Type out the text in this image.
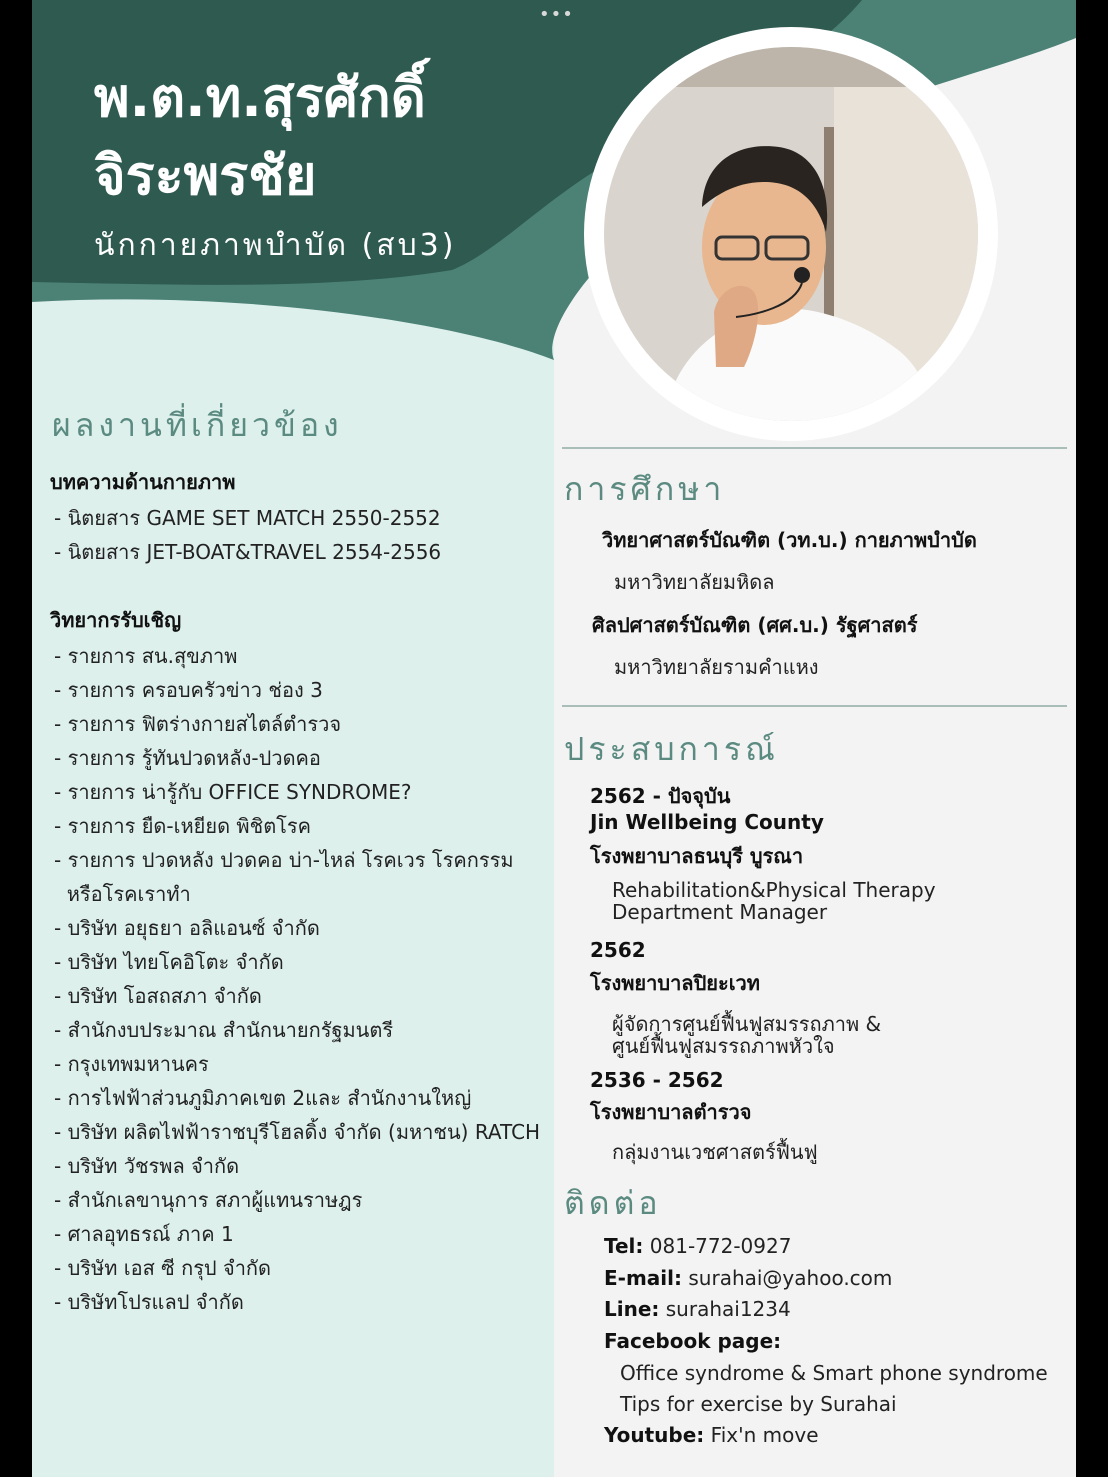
•••
พ.ต.ท.สุรศักดิ์
จิระพรชัย
นักกายภาพบำบัด (สบ3)
ผลงานที่เกี่ยวข้อง
บทความด้านกายภาพ
- นิตยสาร GAME SET MATCH 2550-2552
- นิตยสาร JET-BOAT&TRAVEL 2554-2556
วิทยากรรับเชิญ
- รายการ สน.สุขภาพ
- รายการ ครอบครัวข่าว ช่อง 3
- รายการ ฟิตร่างกายสไตล์ตำรวจ
- รายการ รู้ทันปวดหลัง-ปวดคอ
- รายการ น่ารู้กับ OFFICE SYNDROME?
- รายการ ยืด-เหยียด พิชิตโรค
- รายการ ปวดหลัง ปวดคอ บ่า-ไหล่ โรคเวร โรคกรรม
หรือโรคเราทำ
- บริษัท อยุธยา อลิแอนซ์ จำกัด
- บริษัท ไทยโคอิโตะ จำกัด
- บริษัท โอสถสภา จำกัด
- สำนักงบประมาณ สำนักนายกรัฐมนตรี
- กรุงเทพมหานคร
- การไฟฟ้าส่วนภูมิภาคเขต 2และ สำนักงานใหญ่
- บริษัท ผลิตไฟฟ้าราชบุรีโฮลดิ้ง จำกัด (มหาชน) RATCH
- บริษัท วัชรพล จำกัด
- สำนักเลขานุการ สภาผู้แทนราษฎร
- ศาลอุทธรณ์ ภาค 1
- บริษัท เอส ซี กรุป จำกัด
- บริษัทโปรแลป จำกัด
การศึกษา
วิทยาศาสตร์บัณฑิต (วท.บ.) กายภาพบำบัด
มหาวิทยาลัยมหิดล
ศิลปศาสตร์บัณฑิต (ศศ.บ.) รัฐศาสตร์
มหาวิทยาลัยรามคำแหง
ประสบการณ์
2562 - ปัจจุบัน
Jin Wellbeing County
โรงพยาบาลธนบุรี บูรณา
Rehabilitation&Physical Therapy
Department Manager
2562
โรงพยาบาลปิยะเวท
ผู้จัดการศูนย์ฟื้นฟูสมรรถภาพ &
ศูนย์ฟื้นฟูสมรรถภาพหัวใจ
2536 - 2562
โรงพยาบาลตำรวจ
กลุ่มงานเวชศาสตร์ฟื้นฟู
ติดต่อ
Tel: 081-772-0927
E-mail: surahai@yahoo.com
Line: surahai1234
Facebook page:
Office syndrome & Smart phone syndrome
Tips for exercise by Surahai
Youtube: Fix'n move
